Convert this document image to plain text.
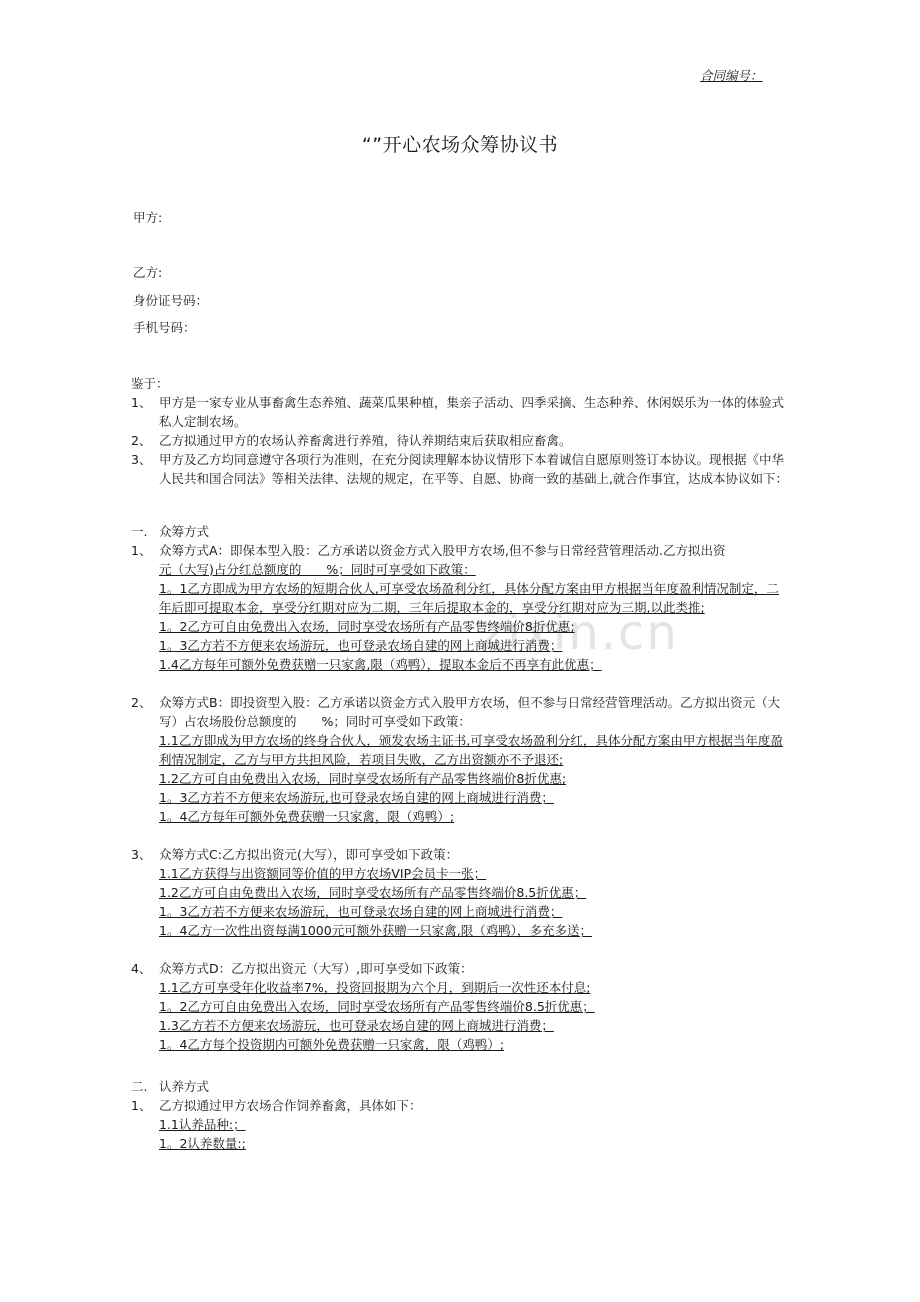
zixin.cn
合同编号：
“”开心农场众筹协议书
甲方:
乙方:
身份证号码：
手机号码：
鉴于：
1、 甲方是一家专业从事畜禽生态养殖、蔬菜瓜果种植，集亲子活动、四季采摘、生态种养、休闲娱乐为一体的体验式私人定制农场。
2、 乙方拟通过甲方的农场认养畜禽进行养殖，待认养期结束后获取相应畜禽。
3、 甲方及乙方均同意遵守各项行为准则，在充分阅读理解本协议情形下本着诚信自愿原则签订本协议。现根据《中华人民共和国合同法》等相关法律、法规的规定，在平等、自愿、协商一致的基础上,就合作事宜，达成本协议如下：
一. 众筹方式
1、 众筹方式A：即保本型入股：乙方承诺以资金方式入股甲方农场,但不参与日常经营管理活动.乙方拟出资
元（大写)占分红总额度的　　%；同时可享受如下政策：
1。1乙方即成为甲方农场的短期合伙人,可享受农场盈利分红，具体分配方案由甲方根据当年度盈利情况制定，二年后即可提取本金，享受分红期对应为二期，三年后提取本金的，享受分红期对应为三期,以此类推;
1。2乙方可自由免费出入农场，同时享受农场所有产品零售终端价8折优惠;
1。3乙方若不方便来农场游玩，也可登录农场自建的网上商城进行消费；
1.4乙方每年可额外免费获赠一只家禽,限（鸡鸭），提取本金后不再享有此优惠；
2、 众筹方式B：即投资型入股：乙方承诺以资金方式入股甲方农场，但不参与日常经营管理活动。乙方拟出资元（大写）占农场股份总额度的　　%；同时可享受如下政策：
1.1乙方即成为甲方农场的终身合伙人，颁发农场主证书,可享受农场盈利分红，具体分配方案由甲方根据当年度盈利情况制定，乙方与甲方共担风险，若项目失败，乙方出资额亦不予退还;
1.2乙方可自由免费出入农场，同时享受农场所有产品零售终端价8折优惠;
1。3乙方若不方便来农场游玩,也可登录农场自建的网上商城进行消费；
1。4乙方每年可额外免费获赠一只家禽，限（鸡鸭）;
3、 众筹方式C:乙方拟出资元(大写），即可享受如下政策：
1.1乙方获得与出资额同等价值的甲方农场VIP会员卡一张；
1.2乙方可自由免费出入农场，同时享受农场所有产品零售终端价8.5折优惠；
1。3乙方若不方便来农场游玩，也可登录农场自建的网上商城进行消费；
1。4乙方一次性出资每满1000元可额外获赠一只家禽,限（鸡鸭），多充多送；
4、 众筹方式D：乙方拟出资元（大写）,即可享受如下政策：
1.1乙方可享受年化收益率7%，投资回报期为六个月，到期后一次性还本付息;
1。2乙方可自由免费出入农场，同时享受农场所有产品零售终端价8.5折优惠；
1.3乙方若不方便来农场游玩，也可登录农场自建的网上商城进行消费；
1。4乙方每个投资期内可额外免费获赠一只家禽，限（鸡鸭）;
二. 认养方式
1、 乙方拟通过甲方农场合作饲养畜禽，具体如下：
1.1认养品种:；
1。2认养数量:;
